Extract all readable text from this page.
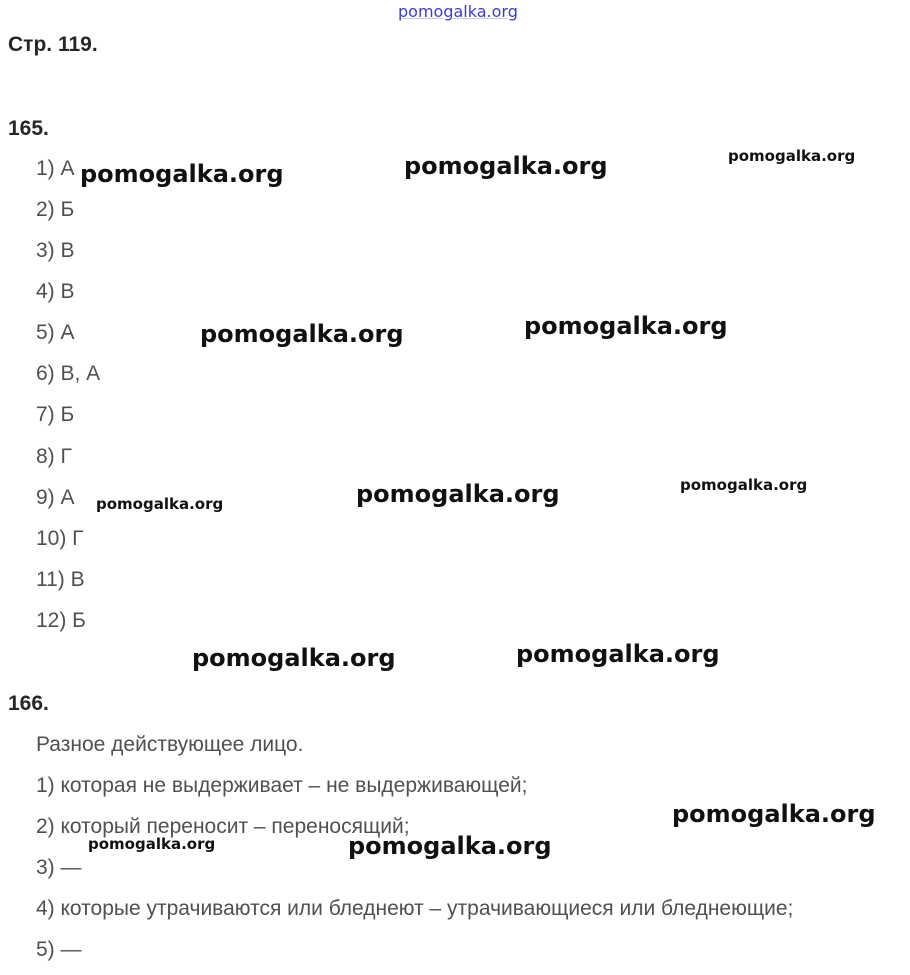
pomogalka.org
Стр. 119.
165.
1) А
2) Б
3) В
4) В
5) А
6) В, А
7) Б
8) Г
9) А
10) Г
11) В
12) Б
166.
Разное действующее лицо.
1) которая не выдерживает – не выдерживающей;
2) который переносит – переносящий;
3) —
4) которые утрачиваются или бледнеют – утрачивающиеся или бледнеющие;
5) —
pomogalka.org	pomogalka.org	pomogalka.org
pomogalka.org	pomogalka.org
pomogalka.org	pomogalka.org	pomogalka.org
pomogalka.org	pomogalka.org
pomogalka.org
pomogalka.org	pomogalka.org
